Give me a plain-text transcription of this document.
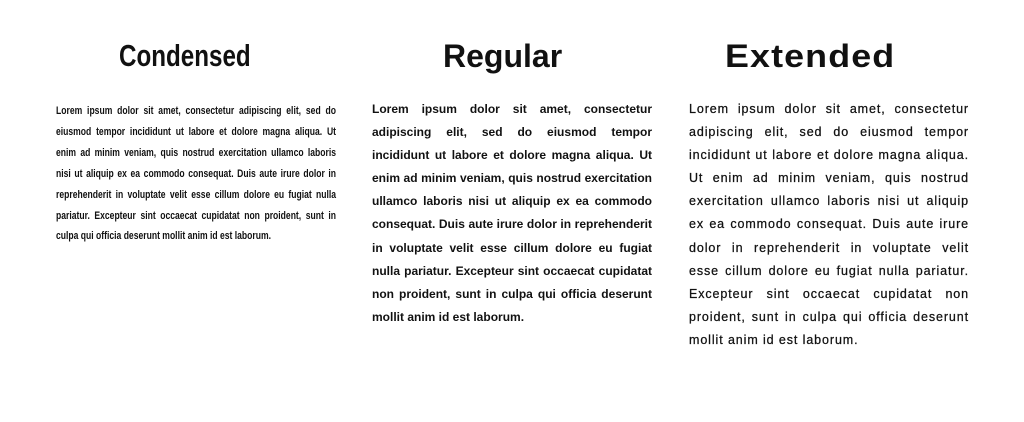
Condensed

Lorem ipsum dolor sit amet, consectetur adipiscing elit, sed do eiusmod tempor incididunt ut labore et dolore magna aliqua. Ut enim ad minim veniam, quis nostrud exercitation ullamco laboris nisi ut aliquip ex ea commodo consequat. Duis aute irure dolor in reprehenderit in voluptate velit esse cillum dolore eu fugiat nulla pariatur. Excepteur sint occaecat cupidatat non proident, sunt in culpa qui officia deserunt mollit anim id est laborum.

Regular

Lorem ipsum dolor sit amet, consectetur adipiscing elit, sed do eiusmod tempor incididunt ut labore et dolore magna aliqua. Ut enim ad minim veniam, quis nostrud exercitation ullamco laboris nisi ut aliquip ex ea commodo consequat. Duis aute irure dolor in reprehenderit in voluptate velit esse cillum dolore eu fugiat nulla pariatur. Excepteur sint occaecat cupidatat non proident, sunt in culpa qui officia deserunt mollit anim id est laborum.

Extended

Lorem ipsum dolor sit amet, consectetur adipiscing elit, sed do eiusmod tempor incididunt ut labore et dolore magna aliqua. Ut enim ad minim veniam, quis nostrud exercitation ullamco laboris nisi ut aliquip ex ea commodo consequat. Duis aute irure dolor in reprehenderit in voluptate velit esse cillum dolore eu fugiat nulla pariatur. Excepteur sint occaecat cupidatat non proident, sunt in culpa qui officia deserunt mollit anim id est laborum.
